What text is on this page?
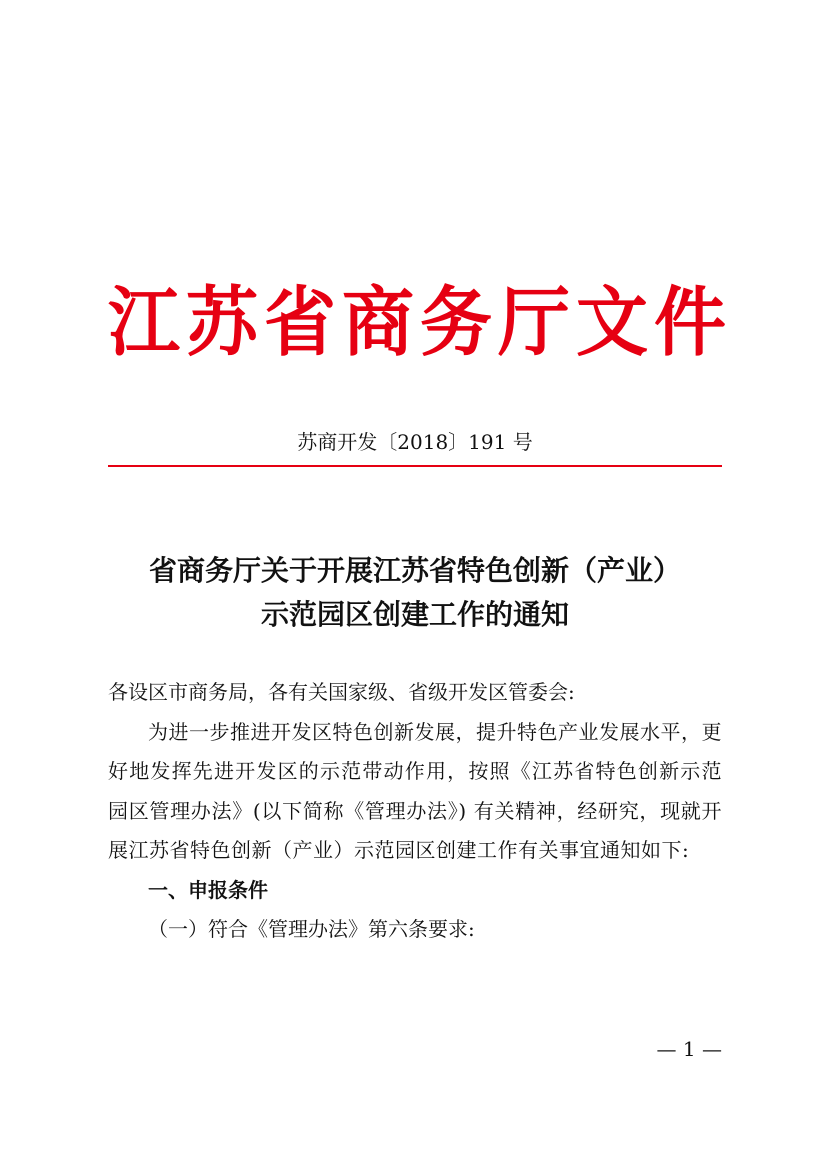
江苏省商务厅文件
苏商开发〔2018〕191 号
省商务厅关于开展江苏省特色创新（产业）
示范园区创建工作的通知
各设区市商务局，各有关国家级、省级开发区管委会:
为进一步推进开发区特色创新发展，提升特色产业发展水平，更好地发挥先进开发区的示范带动作用，按照《江苏省特色创新示范园区管理办法》(以下简称《管理办法》) 有关精神，经研究，现就开展江苏省特色创新（产业）示范园区创建工作有关事宜通知如下:
一、申报条件
（一）符合《管理办法》第六条要求:
— 1 —
